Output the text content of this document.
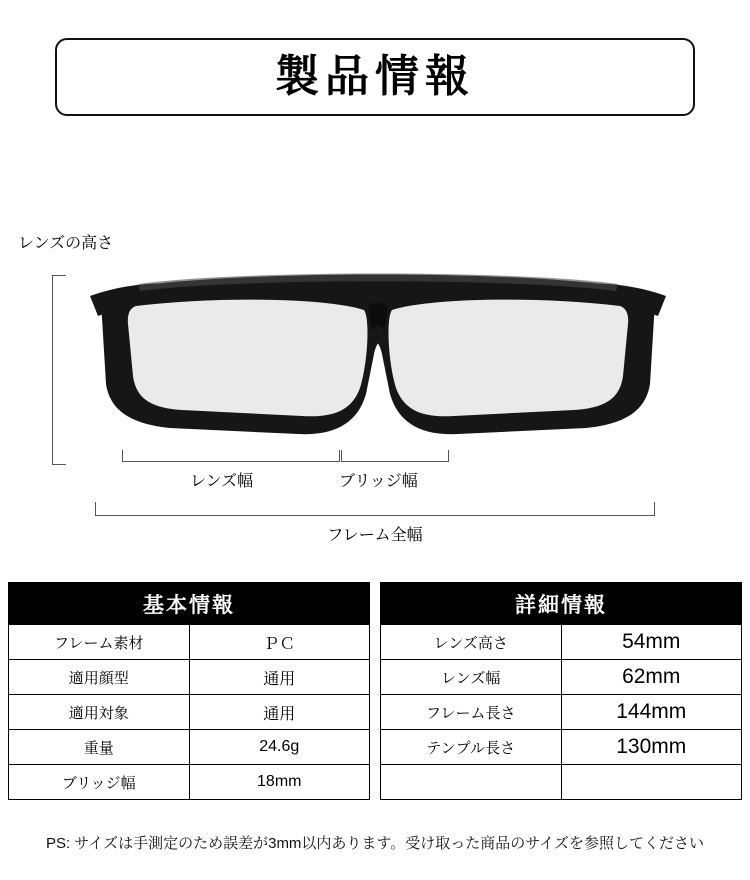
製品情報
レンズの高さ
レンズ幅	ブリッジ幅
フレーム全幅
基本情報	
フレーム素材	ＰＣ
適用顔型	通用
適用対象	通用
重量	24.6g
ブリッジ幅	18mm
詳細情報	
レンズ高さ	54mm
レンズ幅	62mm
フレーム長さ	144mm
テンプル長さ	130mm

PS: サイズは手測定のため誤差が3mm以内あります。受け取った商品のサイズを参照してください
